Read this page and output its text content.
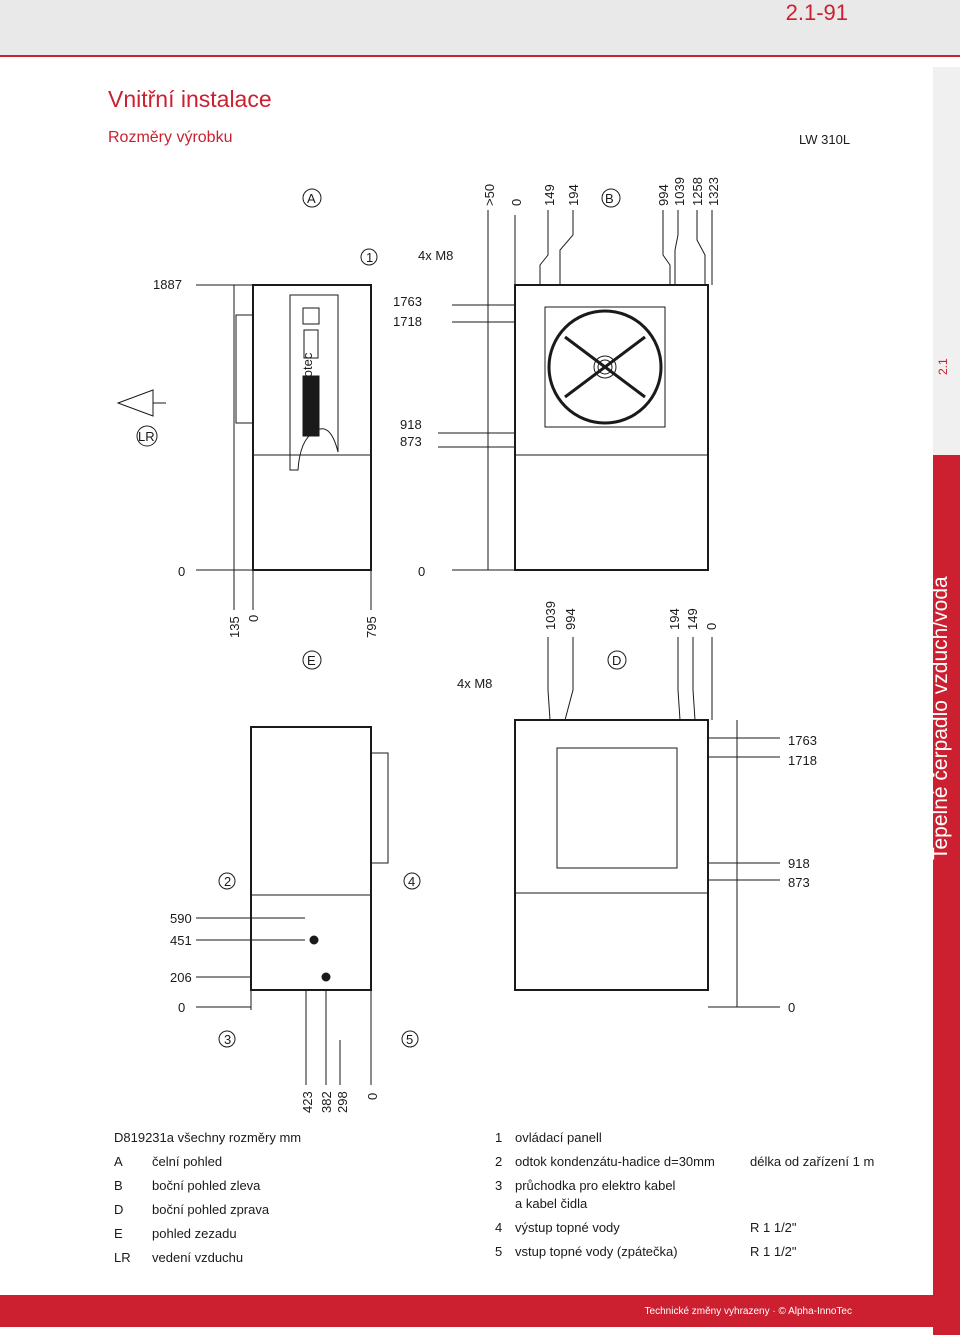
2.1-91
2.1
Tepelné čerpadlo vzduch/voda
Vnitřní instalace
Rozměry výrobku	LW 310L
A
1	4x M8
B
LR
1887
1763
1718
918
873
0	0
135 0	795
>50 0 149 194	994 1039 1258 1323
E	D
4x M8
1039 994	194 149 0
1763
1718
918
873
0
2	4
3	5
590
451
206
0
423 382 298 0
alpha innotec
D819231a všechny rozměry mm
A	čelní pohled
B	boční pohled zleva
D	boční pohled zprava
E	pohled zezadu
LR	vedení vzduchu
1 ovládací panell
2 odtok kondenzátu-hadice d=30mm	délka od zařízení 1 m
3 průchodka pro elektro kabel
a kabel čidla
4 výstup topné vody	R 1 1/2"
5 vstup topné vody (zpátečka)	R 1 1/2"
Technické změny vyhrazeny · © Alpha-InnoTec
